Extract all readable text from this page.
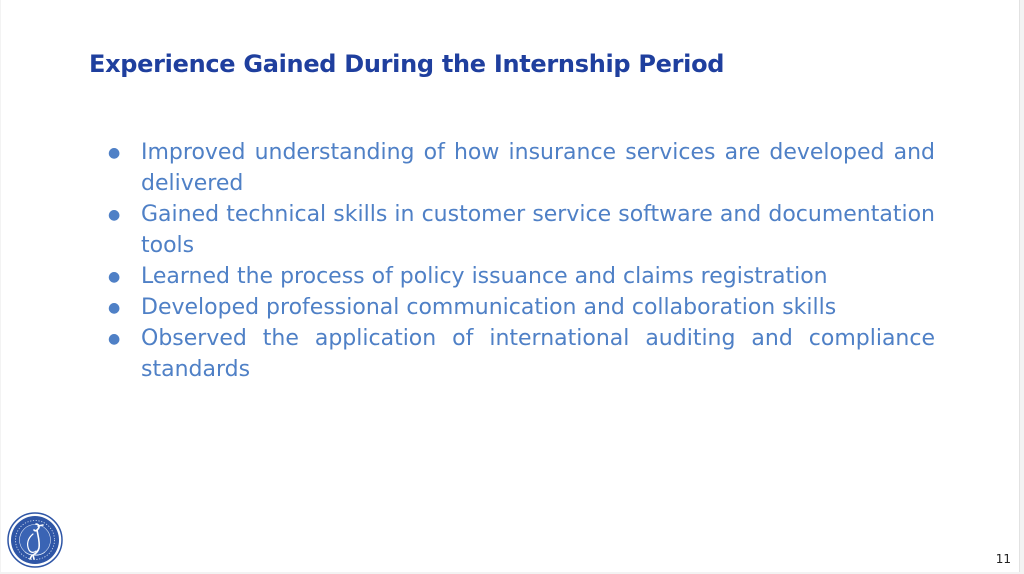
Experience Gained During the Internship Period
● Improved understanding of how insurance services are developed and delivered
● Gained technical skills in customer service software and documentation tools
● Learned the process of policy issuance and claims registration
● Developed professional communication and collaboration skills
● Observed the application of international auditing and compliance standards
11
